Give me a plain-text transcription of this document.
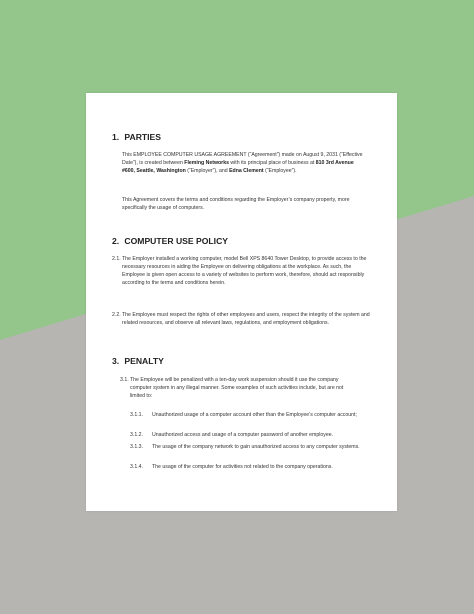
1. PARTIES

This EMPLOYEE COMPUTER USAGE AGREEMENT (“Agreement”) made on August 9, 2031 (“Effective Date”), is created between Fleming Networks with its principal place of business at 810 3rd Avenue #600, Seattle, Washington (“Employer”), and Edna Clement (“Employee”).

This Agreement covers the terms and conditions regarding the Employer’s company property, more specifically the usage of computers.

2. COMPUTER USE POLICY
2.1. The Employer installed a working computer, model Bell XPS 8640 Tower Desktop, to provide access to the necessary resources in aiding the Employee on delivering obligations at the workplace. As such, the Employee is given open access to a variety of websites to perform work, therefore, should act responsibly according to the terms and conditions herein.
2.2. The Employee must respect the rights of other employees and users, respect the integrity of the system and related resources, and observe all relevant laws, regulations, and employment obligations.
3. PENALTY
3.1. The Employee will be penalized with a ten-day work suspension should it use the company computer system in any illegal manner. Some examples of such activities include, but are not limited to:
3.1.1. Unauthorized usage of a computer account other than the Employee’s computer account;
3.1.2. Unauthorized access and usage of a computer password of another employee.
3.1.3. The usage of the company network to gain unauthorized access to any computer systems.
3.1.4. The usage of the computer for activities not related to the company operations.
